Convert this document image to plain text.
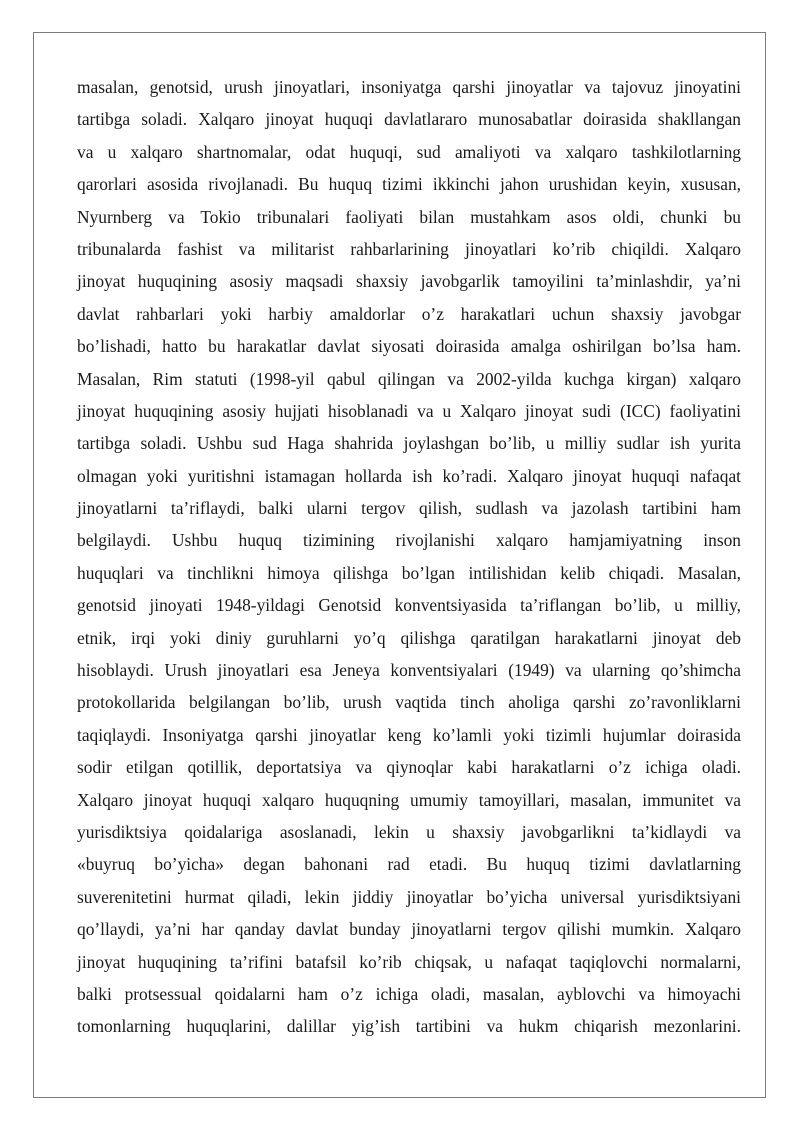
masalan, genotsid, urush jinoyatlari, insoniyatga qarshi jinoyatlar va tajovuz jinoyatini
tartibga soladi. Xalqaro jinoyat huquqi davlatlararo munosabatlar doirasida shakllangan
va u xalqaro shartnomalar, odat huquqi, sud amaliyoti va xalqaro tashkilotlarning
qarorlari asosida rivojlanadi. Bu huquq tizimi ikkinchi jahon urushidan keyin, xususan,
Nyurnberg va Tokio tribunalari faoliyati bilan mustahkam asos oldi, chunki bu
tribunalarda fashist va militarist rahbarlarining jinoyatlari ko’rib chiqildi. Xalqaro
jinoyat huquqining asosiy maqsadi shaxsiy javobgarlik tamoyilini ta’minlashdir, ya’ni
davlat rahbarlari yoki harbiy amaldorlar o’z harakatlari uchun shaxsiy javobgar
bo’lishadi, hatto bu harakatlar davlat siyosati doirasida amalga oshirilgan bo’lsa ham.
Masalan, Rim statuti (1998-yil qabul qilingan va 2002-yilda kuchga kirgan) xalqaro
jinoyat huquqining asosiy hujjati hisoblanadi va u Xalqaro jinoyat sudi (ICC) faoliyatini
tartibga soladi. Ushbu sud Haga shahrida joylashgan bo’lib, u milliy sudlar ish yurita
olmagan yoki yuritishni istamagan hollarda ish ko’radi. Xalqaro jinoyat huquqi nafaqat
jinoyatlarni ta’riflaydi, balki ularni tergov qilish, sudlash va jazolash tartibini ham
belgilaydi. Ushbu huquq tizimining rivojlanishi xalqaro hamjamiyatning inson
huquqlari va tinchlikni himoya qilishga bo’lgan intilishidan kelib chiqadi. Masalan,
genotsid jinoyati 1948-yildagi Genotsid konventsiyasida ta’riflangan bo’lib, u milliy,
etnik, irqi yoki diniy guruhlarni yo’q qilishga qaratilgan harakatlarni jinoyat deb
hisoblaydi. Urush jinoyatlari esa Jeneya konventsiyalari (1949) va ularning qo’shimcha
protokollarida belgilangan bo’lib, urush vaqtida tinch aholiga qarshi zo’ravonliklarni
taqiqlaydi. Insoniyatga qarshi jinoyatlar keng ko’lamli yoki tizimli hujumlar doirasida
sodir etilgan qotillik, deportatsiya va qiynoqlar kabi harakatlarni o’z ichiga oladi.
Xalqaro jinoyat huquqi xalqaro huquqning umumiy tamoyillari, masalan, immunitet va
yurisdiktsiya qoidalariga asoslanadi, lekin u shaxsiy javobgarlikni ta’kidlaydi va
«buyruq bo’yicha» degan bahonani rad etadi. Bu huquq tizimi davlatlarning
suverenitetini hurmat qiladi, lekin jiddiy jinoyatlar bo’yicha universal yurisdiktsiyani
qo’llaydi, ya’ni har qanday davlat bunday jinoyatlarni tergov qilishi mumkin. Xalqaro
jinoyat huquqining ta’rifini batafsil ko’rib chiqsak, u nafaqat taqiqlovchi normalarni,
balki protsessual qoidalarni ham o’z ichiga oladi, masalan, ayblovchi va himoyachi
tomonlarning huquqlarini, dalillar yig’ish tartibini va hukm chiqarish mezonlarini.
